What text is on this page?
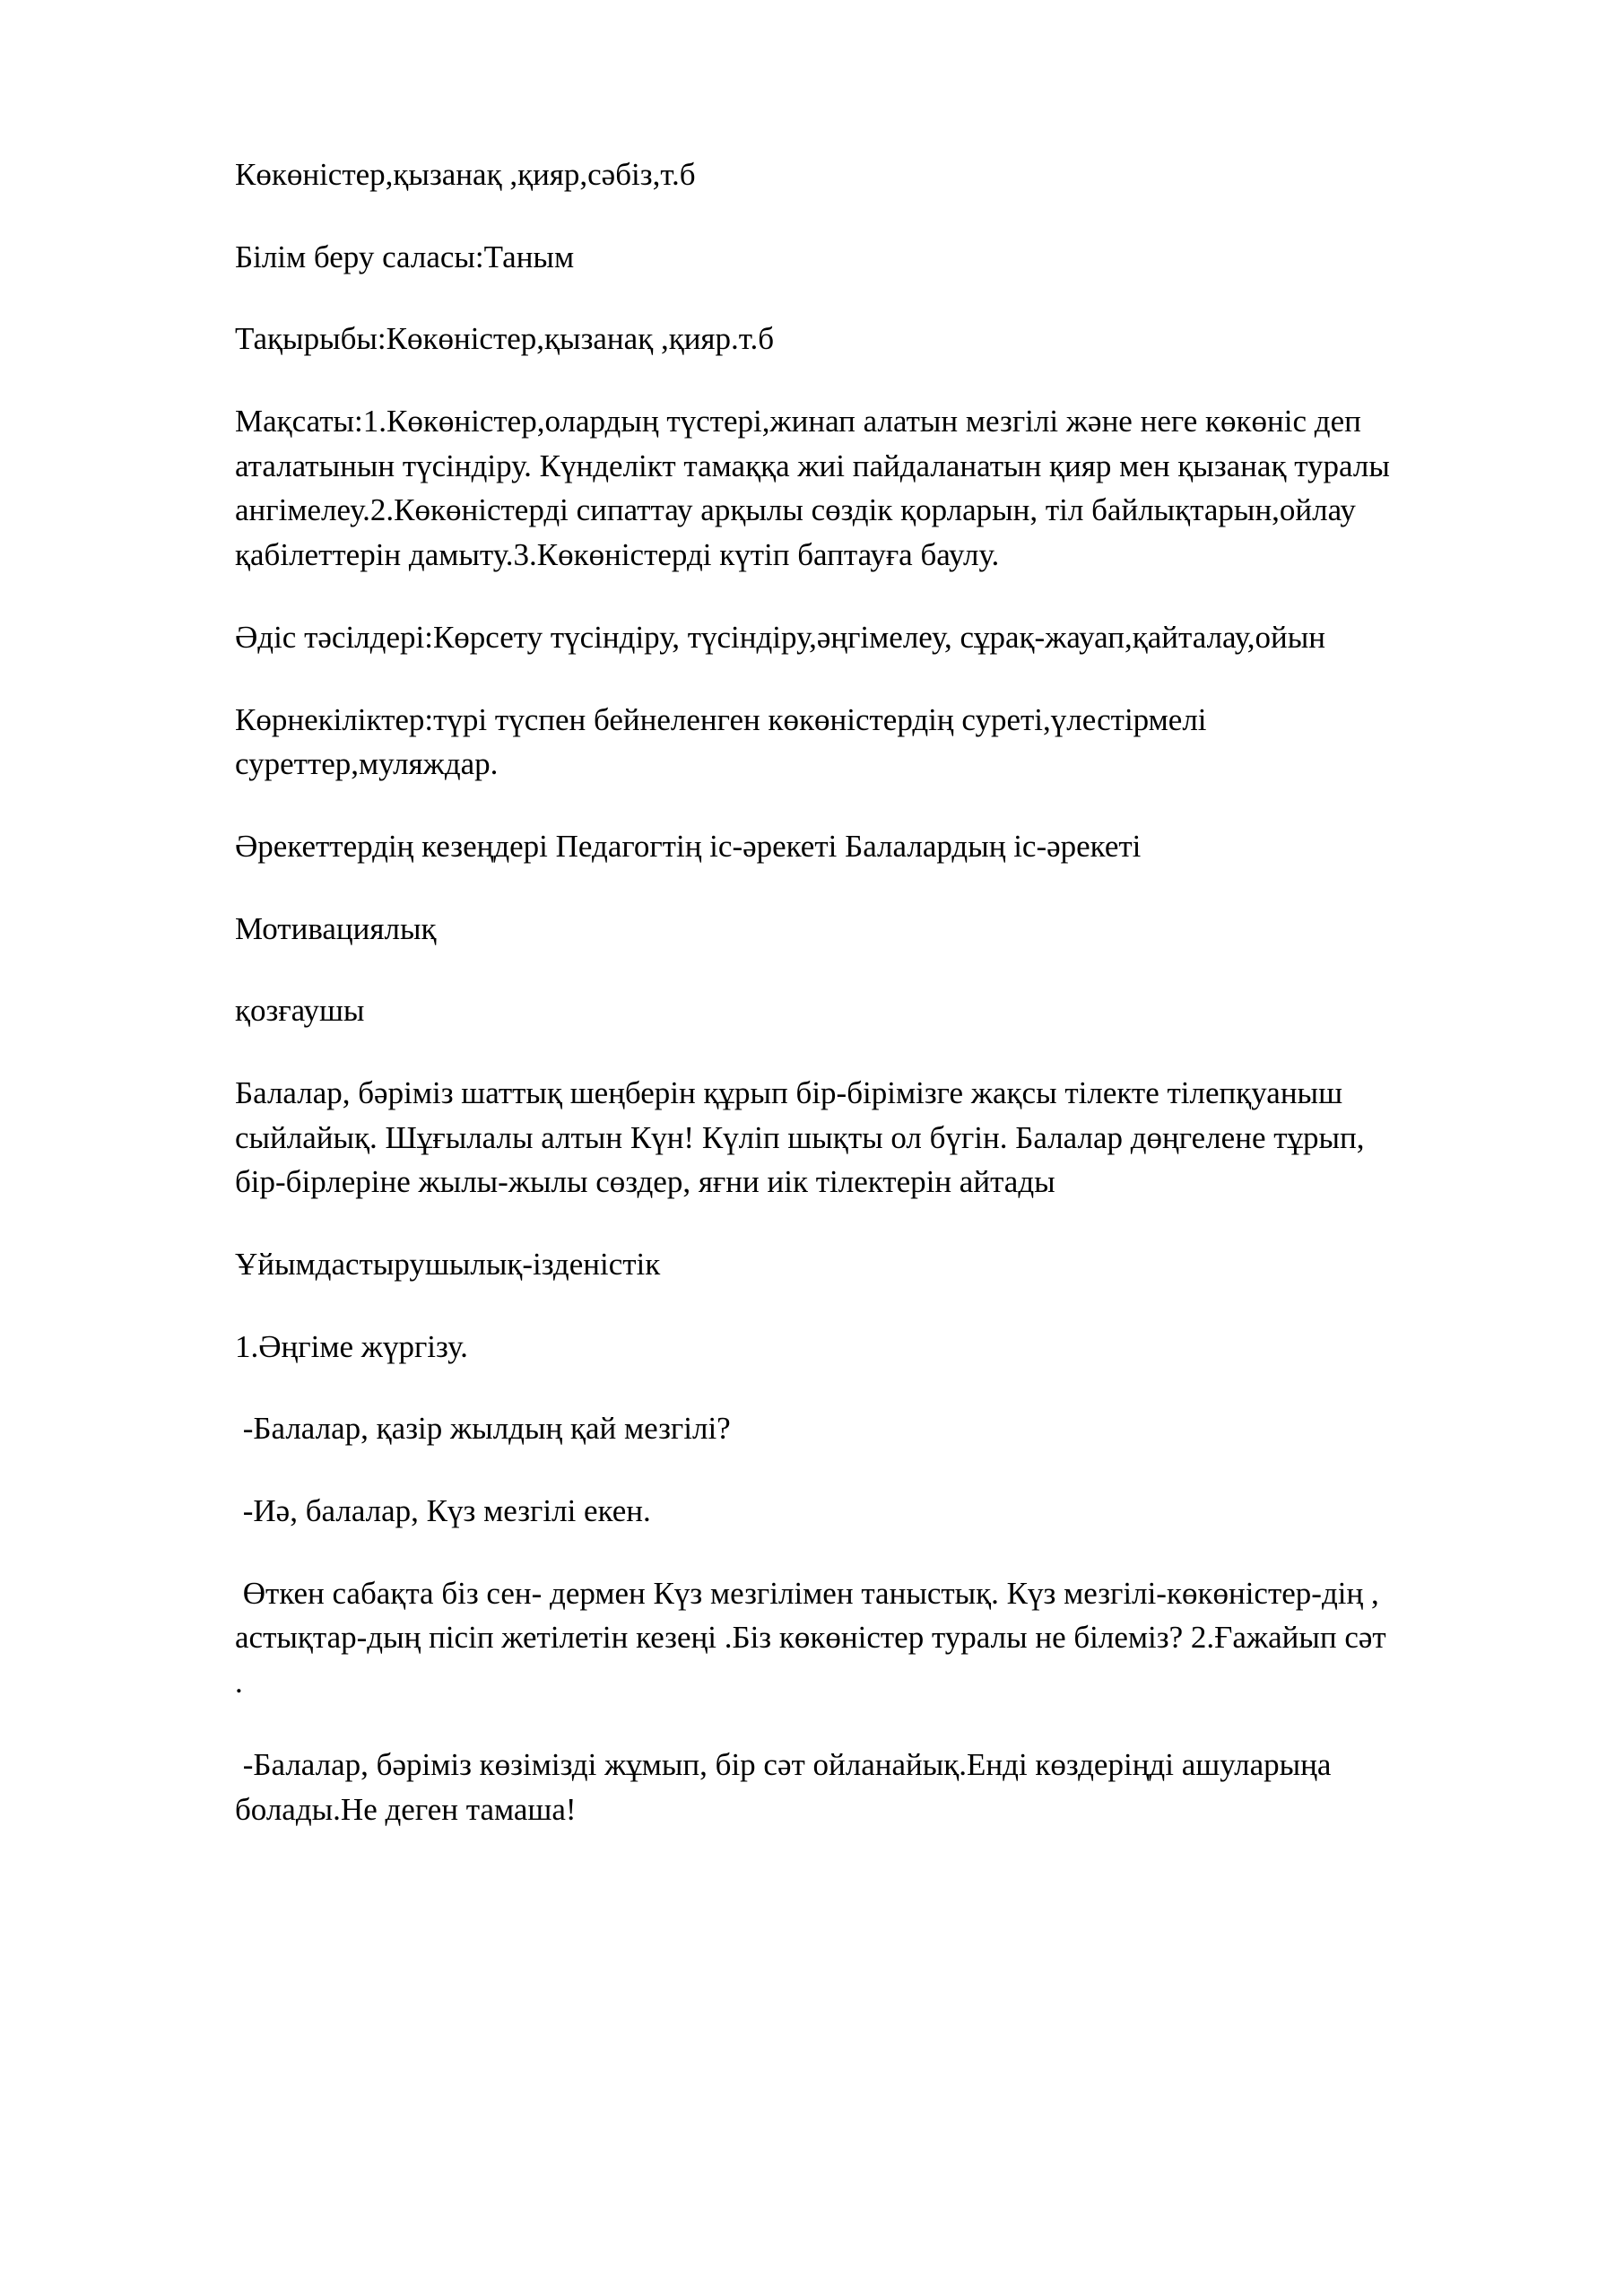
Көкөністер,қызанақ ,қияр,сәбіз,т.б

Білім беру саласы:Таным

Тақырыбы:Көкөністер,қызанақ ,қияр.т.б

Мақсаты:1.Көкөністер,олардың түстері,жинап алатын мезгілі және неге көкөніс деп аталатынын түсіндіру. Күнделікт тамаққа жиі пайдаланатын қияр мен қызанақ туралы ангімелеу.2.Көкөністерді сипаттау арқылы сөздік қорларын, тіл байлықтарын,ойлау қабілеттерін дамыту.3.Көкөністерді күтіп баптауға баулу.

Әдіс тәсілдері:Көрсету түсіндіру, түсіндіру,әңгімелеу, сұрақ-жауап,қайталау,ойын

Көрнекіліктер:түрі түспен бейнеленген көкөністердің суреті,үлестірмелі суреттер,муляждар.

Әрекеттердің кезеңдері Педагогтің іс-әрекеті Балалардың іс-әрекеті

Мотивациялық

қозғаушы

Балалар, бәріміз шаттық шеңберін құрып бір-бірімізге жақсы тілекте тілепқуаныш сыйлайық. Шұғылалы алтын Күн! Күліп шықты ол бүгін. Балалар дөңгелене тұрып, бір-бірлеріне жылы-жылы сөздер, яғни иік тілектерін айтады

Ұйымдастырушылық-ізденістік

1.Әңгіме жүргізу.

-Балалар, қазір жылдың қай мезгілі?

-Иә, балалар, Күз мезгілі екен.

Өткен сабақта біз сен- дермен Күз мезгілімен таныстық. Күз мезгілі-көкөністер-дің , астықтар-дың пісіп жетілетін кезеңі .Біз көкөністер туралы не білеміз? 2.Ғажайып сәт .

-Балалар, бәріміз көзімізді жұмып, бір сәт ойланайық.Енді көздеріңді ашуларыңа болады.Не деген тамаша!
